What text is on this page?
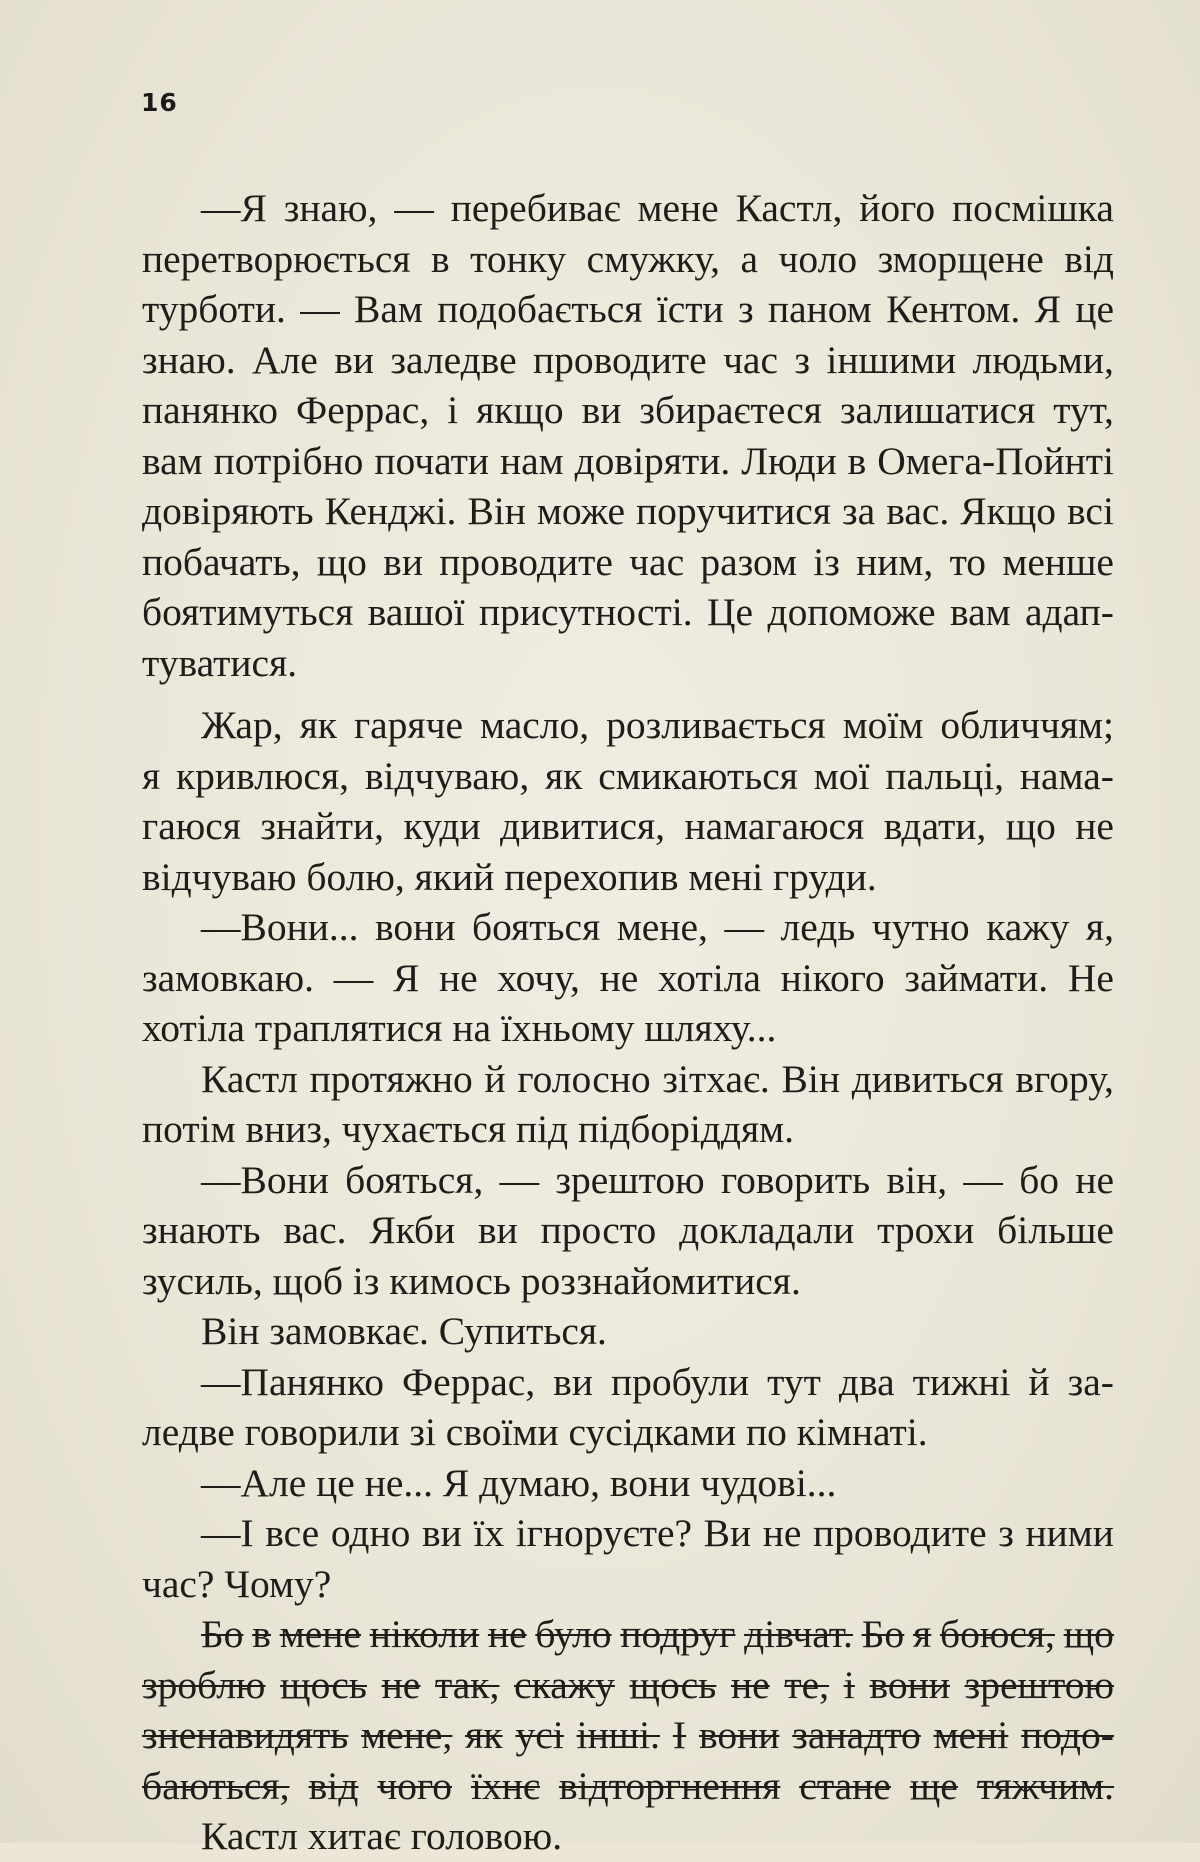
16
—Я знаю, — перебиває мене Кастл, його посмішка
перетворюється в тонку смужку, а чоло зморщене від
турботи. — Вам подобається їсти з паном Кентом. Я це
знаю. Але ви заледве проводите час з іншими людьми,
панянко Феррас, і якщо ви збираєтеся залишатися тут,
вам потрібно почати нам довіряти. Люди в Омега-Пойнті
довіряють Кенджі. Він може поручитися за вас. Якщо всі
побачать, що ви проводите час разом із ним, то менше
боятимуться вашої присутності. Це допоможе вам адап-
туватися.
Жар, як гаряче масло, розливається моїм обличчям;
я кривлюся, відчуваю, як смикаються мої пальці, нама-
гаюся знайти, куди дивитися, намагаюся вдати, що не
відчуваю болю, який перехопив мені груди.
—Вони... вони бояться мене, — ледь чутно кажу я,
замовкаю. — Я не хочу, не хотіла нікого займати. Не
хотіла траплятися на їхньому шляху...
Кастл протяжно й голосно зітхає. Він дивиться вгору,
потім вниз, чухається під підборіддям.
—Вони бояться, — зрештою говорить він, — бо не
знають вас. Якби ви просто докладали трохи більше
зусиль, щоб із кимось роззнайомитися.
Він замовкає. Супиться.
—Панянко Феррас, ви пробули тут два тижні й за-
ледве говорили зі своїми сусідками по кімнаті.
—Але це не... Я думаю, вони чудові...
—І все одно ви їх ігноруєте? Ви не проводите з ними
час? Чому?
Бо в мене ніколи не було подруг дівчат. Бо я боюся, що
зроблю щось не так, скажу щось не те, і вони зрештою
зненавидять мене, як усі інші. І вони занадто мені подо-
баються, від чого їхнє відторгнення стане ще тяжчим.
Кастл хитає головою.
